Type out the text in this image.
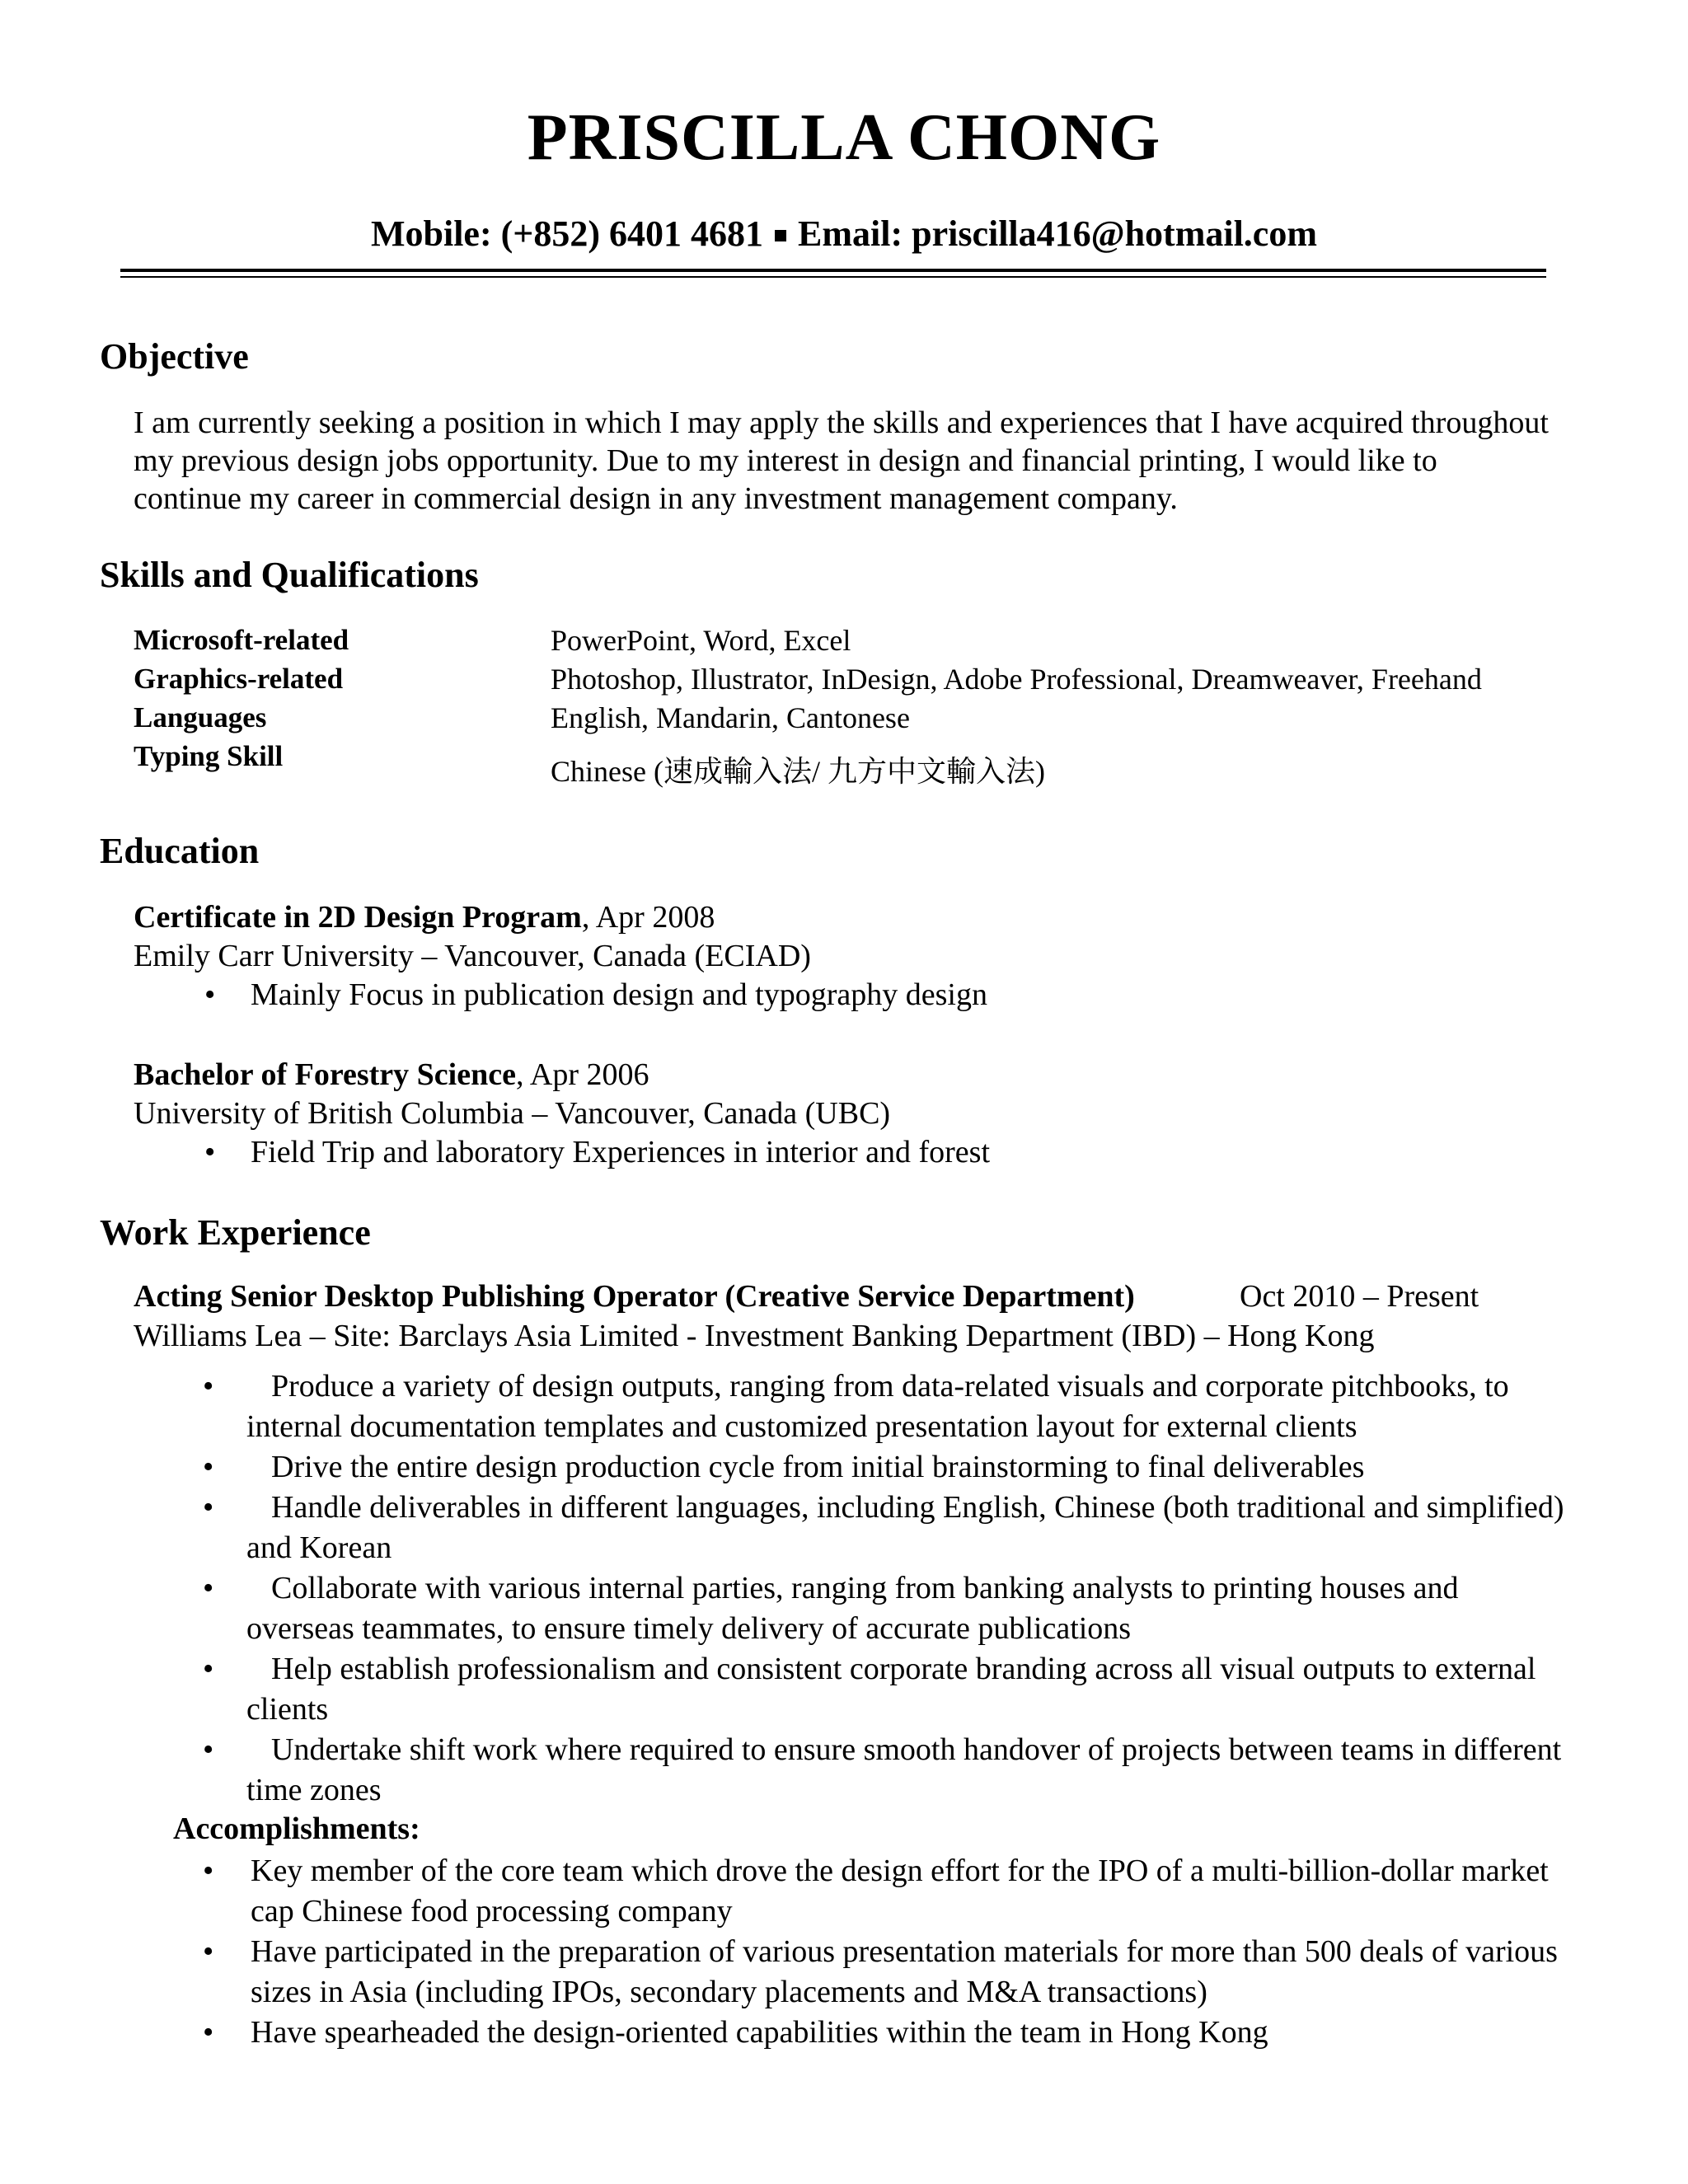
PRISCILLA CHONG
Mobile: (+852) 6401 4681 Email: priscilla416@hotmail.com
Objective
I am currently seeking a position in which I may apply the skills and experiences that I have acquired throughout my previous design jobs opportunity. Due to my interest in design and financial printing, I would like to continue my career in commercial design in any investment management company.
Skills and Qualifications
Microsoft-related	PowerPoint, Word, Excel
Graphics-related	Photoshop, Illustrator, InDesign, Adobe Professional, Dreamweaver, Freehand
Languages	English, Mandarin, Cantonese
Typing Skill	Chinese (速成輸入法/ 九方中文輸入法)
Education
Certificate in 2D Design Program, Apr 2008
Emily Carr University – Vancouver, Canada (ECIAD)
• Mainly Focus in publication design and typography design
Bachelor of Forestry Science, Apr 2006
University of British Columbia – Vancouver, Canada (UBC)
• Field Trip and laboratory Experiences in interior and forest
Work Experience
Acting Senior Desktop Publishing Operator (Creative Service Department)	Oct 2010 – Present
Williams Lea – Site: Barclays Asia Limited - Investment Banking Department (IBD) – Hong Kong
•	Produce a variety of design outputs, ranging from data-related visuals and corporate pitchbooks, to internal documentation templates and customized presentation layout for external clients
•	Drive the entire design production cycle from initial brainstorming to final deliverables
•	Handle deliverables in different languages, including English, Chinese (both traditional and simplified) and Korean
•	Collaborate with various internal parties, ranging from banking analysts to printing houses and overseas teammates, to ensure timely delivery of accurate publications
•	Help establish professionalism and consistent corporate branding across all visual outputs to external clients
•	Undertake shift work where required to ensure smooth handover of projects between teams in different time zones
Accomplishments:
• Key member of the core team which drove the design effort for the IPO of a multi-billion-dollar market cap Chinese food processing company
• Have participated in the preparation of various presentation materials for more than 500 deals of various sizes in Asia (including IPOs, secondary placements and M&A transactions)
• Have spearheaded the design-oriented capabilities within the team in Hong Kong
